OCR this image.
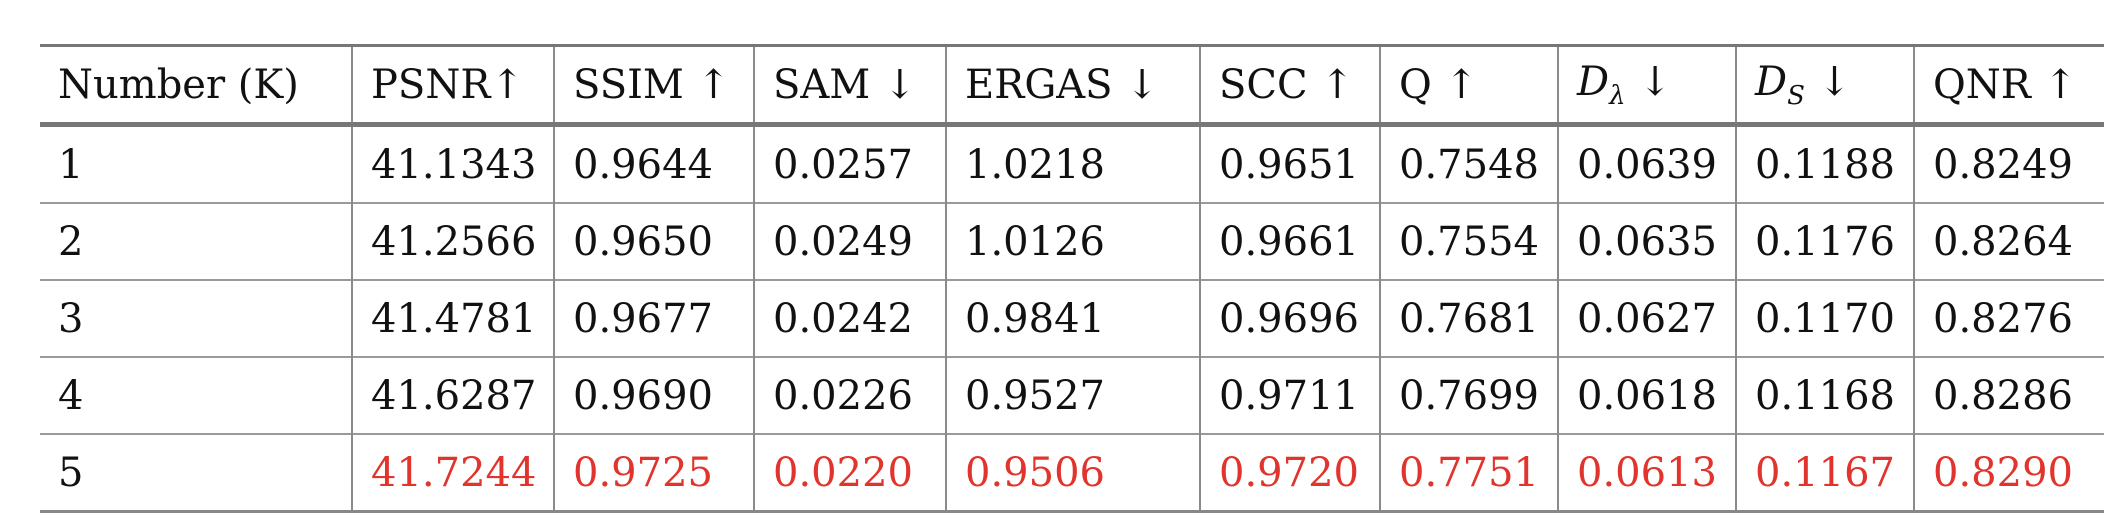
Number (K)	PSNR↑	SSIM ↑	SAM ↓	ERGAS ↓	SCC ↑	Q ↑	$D_\lambda$ ↓	$D_S$ ↓	QNR ↑
1	41.1343	0.9644	0.0257	1.0218	0.9651	0.7548	0.0639	0.1188	0.8249
2	41.2566	0.9650	0.0249	1.0126	0.9661	0.7554	0.0635	0.1176	0.8264
3	41.4781	0.9677	0.0242	0.9841	0.9696	0.7681	0.0627	0.1170	0.8276
4	41.6287	0.9690	0.0226	0.9527	0.9711	0.7699	0.0618	0.1168	0.8286
5	41.7244	0.9725	0.0220	0.9506	0.9720	0.7751	0.0613	0.1167	0.8290
